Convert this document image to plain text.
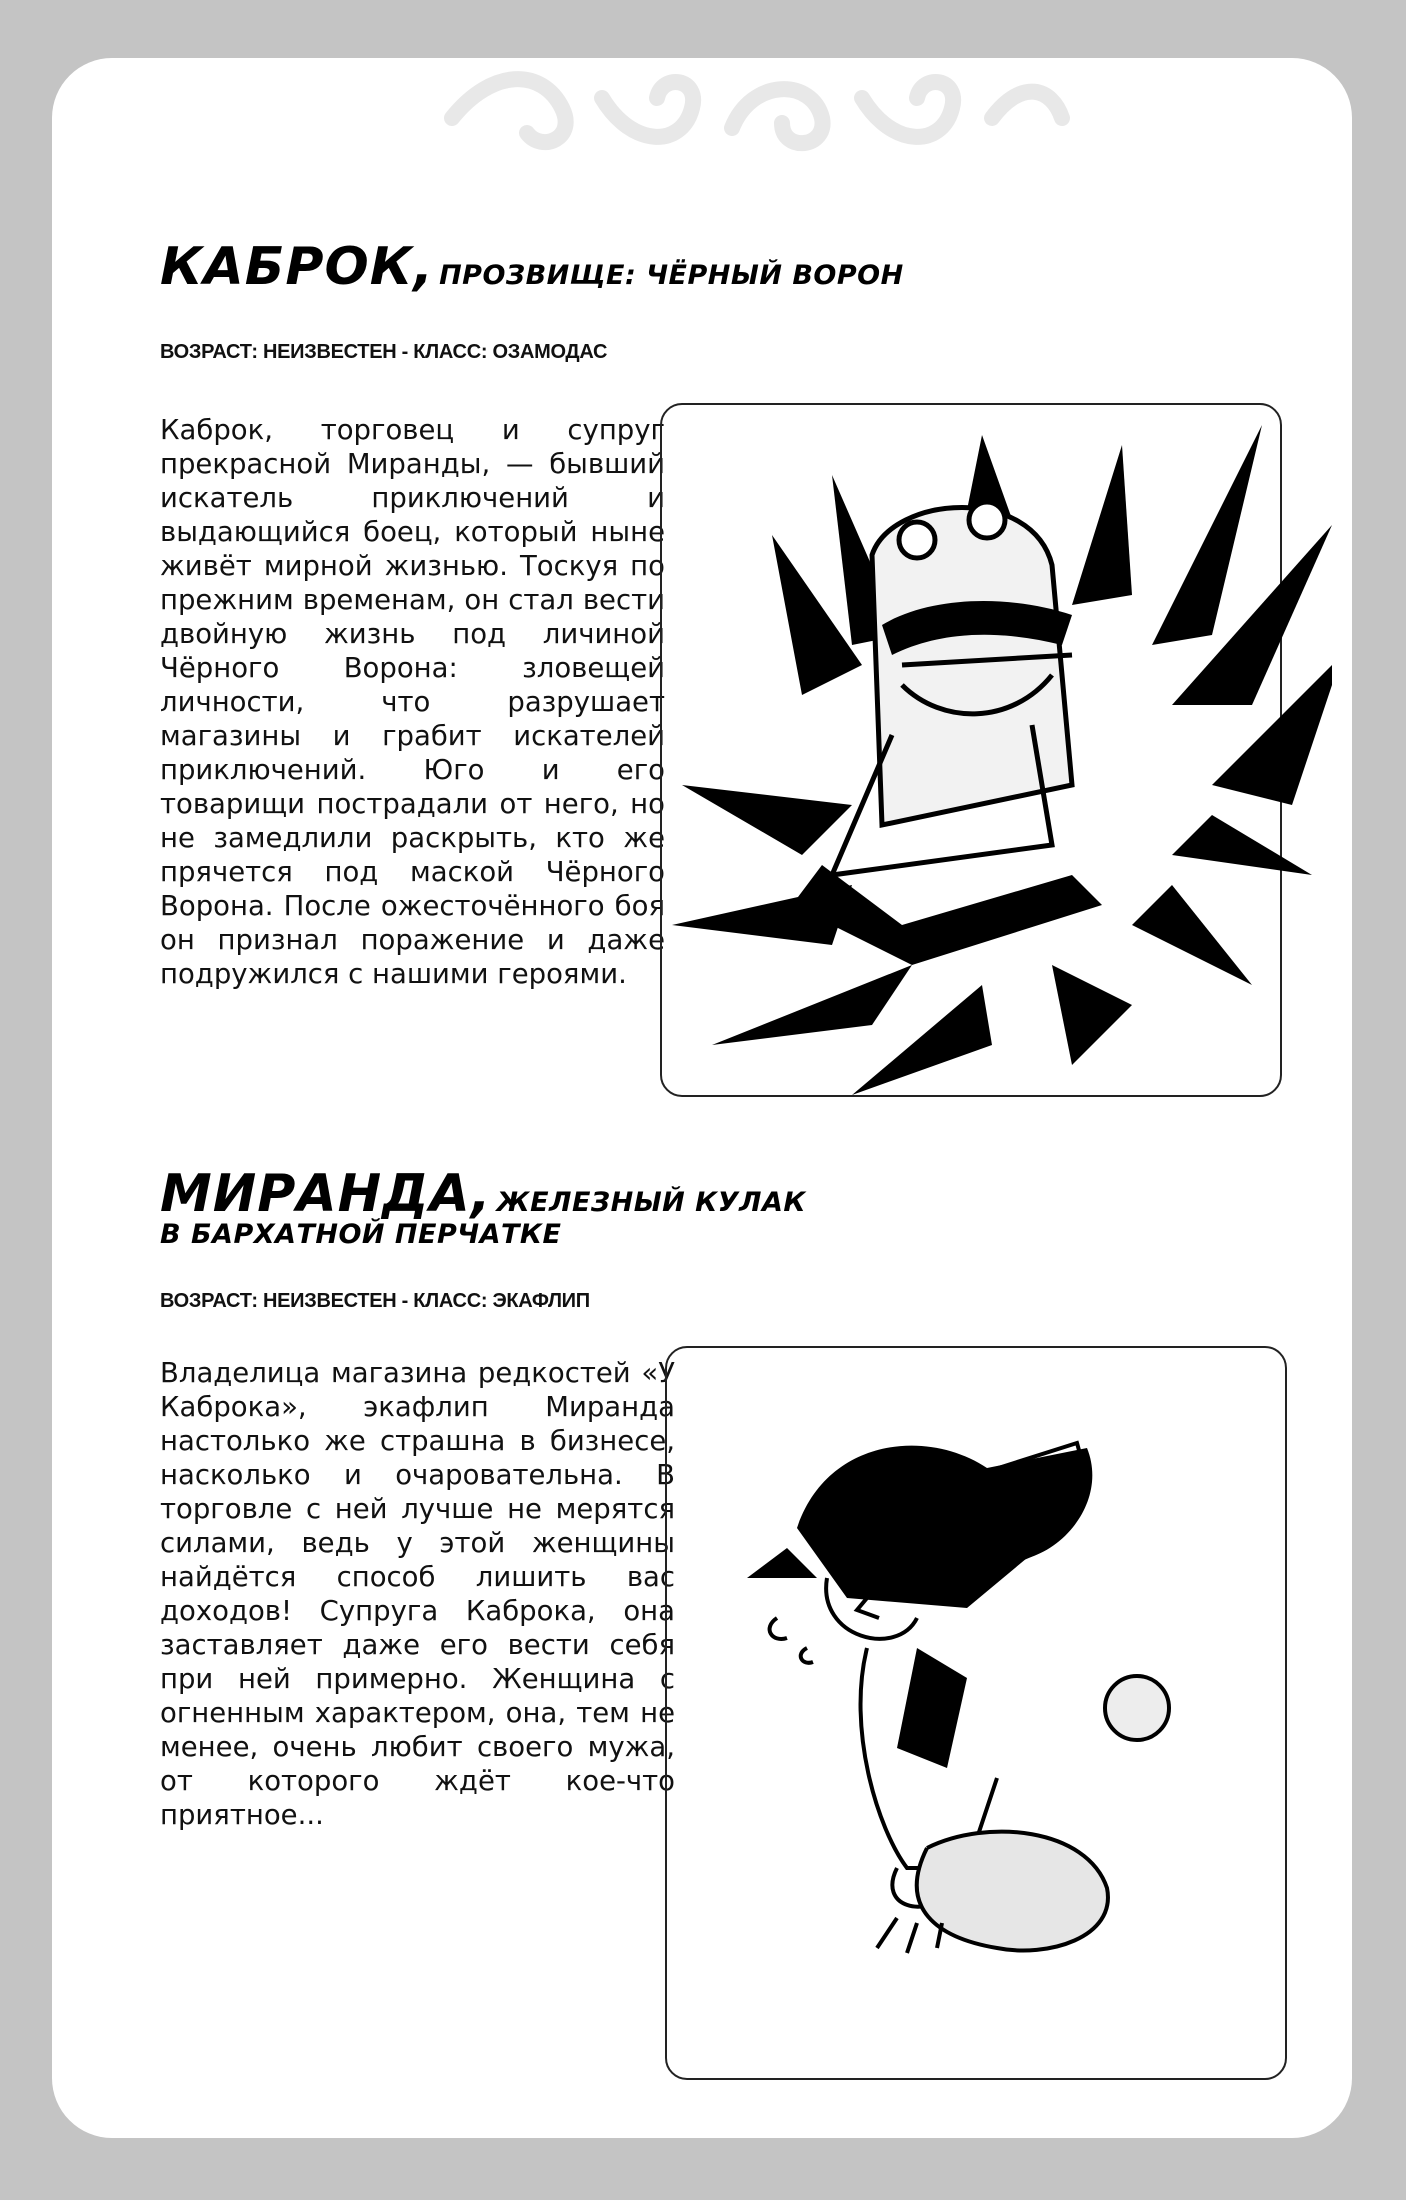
КAБРОК, ПРОЗВИЩЕ: ЧЁРНЫЙ ВОРОН
ВОЗРАСТ: НЕИЗВЕСТЕН - КЛАСС: ОЗАМОДАС
Каброк, торговец и супруг прекрасной Миранды, — бывший искатель приключений и выдающийся боец, который ныне живёт мирной жизнью. Тоскуя по прежним временам, он стал вести двойную жизнь под личиной Чёрного Ворона: зловещей личности, что разрушает магазины и грабит искателей приключений. Юго и его товарищи пострадали от него, но не замедлили раскрыть, кто же прячется под маской Чёрного Ворона. После ожесточённого боя он признал поражение и даже подружился с нашими героями.
МИРАНДА, ЖЕЛЕЗНЫЙ КУЛАК
В БАРХАТНОЙ ПЕРЧАТКЕ
ВОЗРАСТ: НЕИЗВЕСТЕН - КЛАСС: ЭКАФЛИП
Владелица магазина редкостей «У Каброка», экафлип Миранда настолько же страшна в бизнесе, насколько и очаровательна. В торговле с ней лучше не мерятся силами, ведь у этой женщины найдётся способ лишить вас доходов! Супруга Каброка, она заставляет даже его вести себя при ней примерно. Женщина с огненным характером, она, тем не менее, очень любит своего мужа, от которого ждёт кое-что приятное...
